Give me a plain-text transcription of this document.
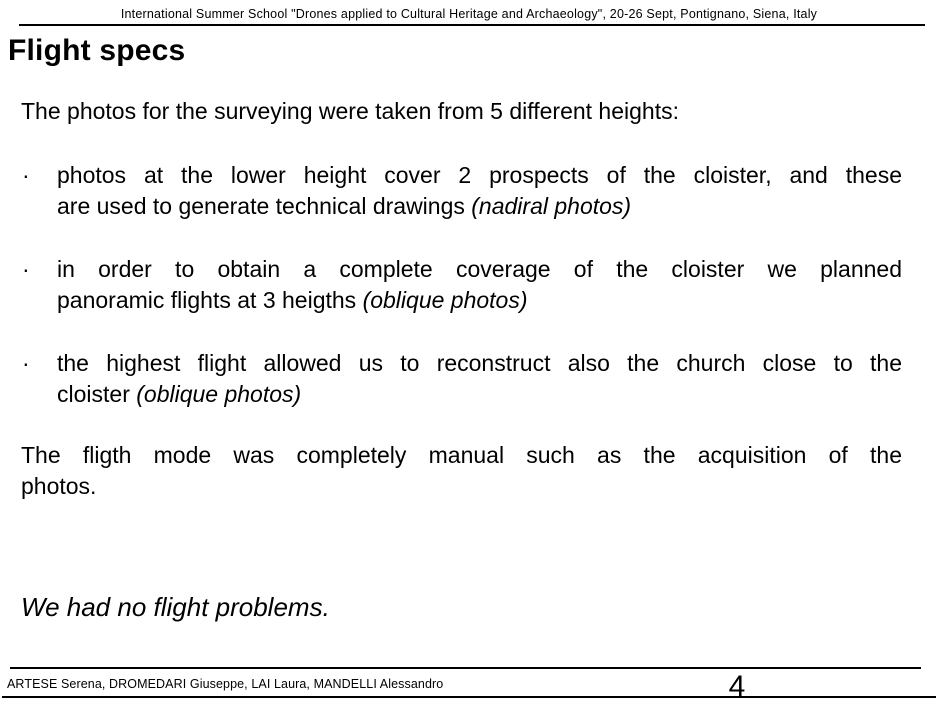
International Summer School "Drones applied to Cultural Heritage and Archaeology", 20-26 Sept, Pontignano, Siena, Italy
Flight specs
The photos for the surveying were taken from 5 different heights:
· photos at the lower height cover 2 prospects of the cloister, and these
are used to generate technical drawings (nadiral photos)
· in order to obtain a complete coverage of the cloister we planned
panoramic flights at 3 heigths (oblique photos)
· the highest flight allowed us to reconstruct also the church close to the
cloister (oblique photos)
The fligth mode was completely manual such as the acquisition of the
photos.
We had no flight problems.
ARTESE Serena, DROMEDARI Giuseppe, LAI Laura, MANDELLI Alessandro	4
